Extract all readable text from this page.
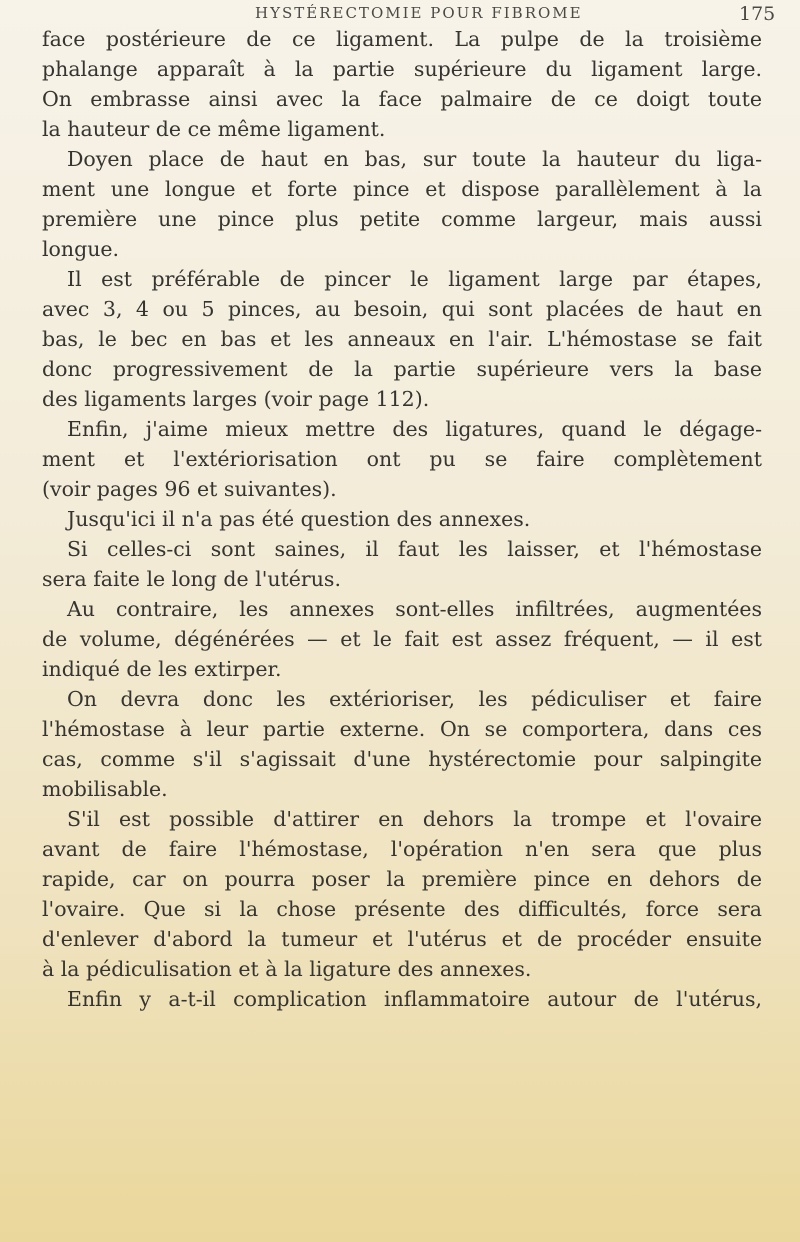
HYSTÉRECTOMIE POUR FIBROME	175
face postérieure de ce ligament. La pulpe de la troisième
phalange apparaît à la partie supérieure du ligament large.
On embrasse ainsi avec la face palmaire de ce doigt toute
la hauteur de ce même ligament.
Doyen place de haut en bas, sur toute la hauteur du liga-
ment une longue et forte pince et dispose parallèlement à la
première une pince plus petite comme largeur, mais aussi
longue.
Il est préférable de pincer le ligament large par étapes,
avec 3, 4 ou 5 pinces, au besoin, qui sont placées de haut en
bas, le bec en bas et les anneaux en l'air. L'hémostase se fait
donc progressivement de la partie supérieure vers la base
des ligaments larges (voir page 112).
Enfin, j'aime mieux mettre des ligatures, quand le dégage-
ment et l'extériorisation ont pu se faire complètement
(voir pages 96 et suivantes).
Jusqu'ici il n'a pas été question des annexes.
Si celles-ci sont saines, il faut les laisser, et l'hémostase
sera faite le long de l'utérus.
Au contraire, les annexes sont-elles infiltrées, augmentées
de volume, dégénérées — et le fait est assez fréquent, — il est
indiqué de les extirper.
On devra donc les extérioriser, les pédiculiser et faire
l'hémostase à leur partie externe. On se comportera, dans ces
cas, comme s'il s'agissait d'une hystérectomie pour salpingite
mobilisable.
S'il est possible d'attirer en dehors la trompe et l'ovaire
avant de faire l'hémostase, l'opération n'en sera que plus
rapide, car on pourra poser la première pince en dehors de
l'ovaire. Que si la chose présente des difficultés, force sera
d'enlever d'abord la tumeur et l'utérus et de procéder ensuite
à la pédiculisation et à la ligature des annexes.
Enfin y a-t-il complication inflammatoire autour de l'utérus,
